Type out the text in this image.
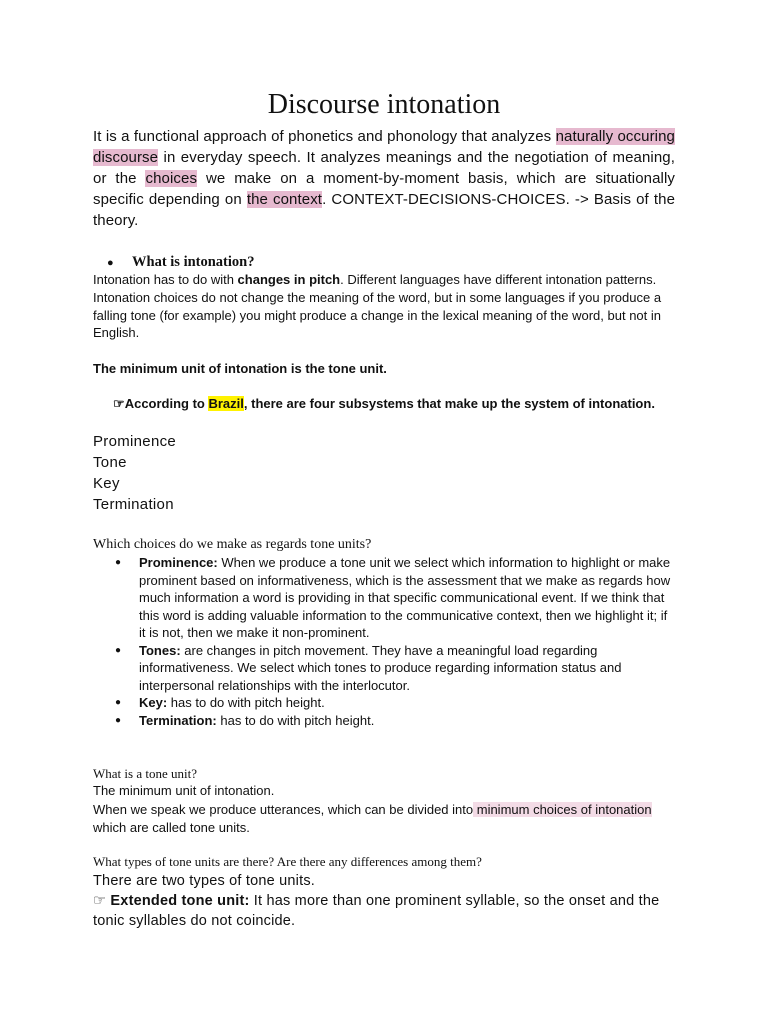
Discourse intonation
It is a functional approach of phonetics and phonology that analyzes naturally occuring discourse in everyday speech. It analyzes meanings and the negotiation of meaning, or the choices we make on a moment-by-moment basis, which are situationally specific depending on the context. CONTEXT-DECISIONS-CHOICES. -> Basis of the theory.
● What is intonation?
Intonation has to do with changes in pitch. Different languages have different intonation patterns. Intonation choices do not change the meaning of the word, but in some languages if you produce a falling tone (for example) you might produce a change in the lexical meaning of the word, but not in English.
The minimum unit of intonation is the tone unit.
☞According to Brazil, there are four subsystems that make up the system of intonation.
Prominence
Tone
Key
Termination
Which choices do we make as regards tone units?
● Prominence: When we produce a tone unit we select which information to highlight or make prominent based on informativeness, which is the assessment that we make as regards how much information a word is providing in that specific communicational event. If we think that this word is adding valuable information to the communicative context, then we highlight it; if it is not, then we make it non-prominent.
● Tones: are changes in pitch movement. They have a meaningful load regarding informativeness. We select which tones to produce regarding information status and interpersonal relationships with the interlocutor.
● Key: has to do with pitch height.
● Termination: has to do with pitch height.
What is a tone unit?
The minimum unit of intonation.
When we speak we produce utterances, which can be divided into minimum choices of intonation which are called tone units.
What types of tone units are there? Are there any differences among them?
There are two types of tone units.
☞ Extended tone unit: It has more than one prominent syllable, so the onset and the tonic syllables do not coincide.
